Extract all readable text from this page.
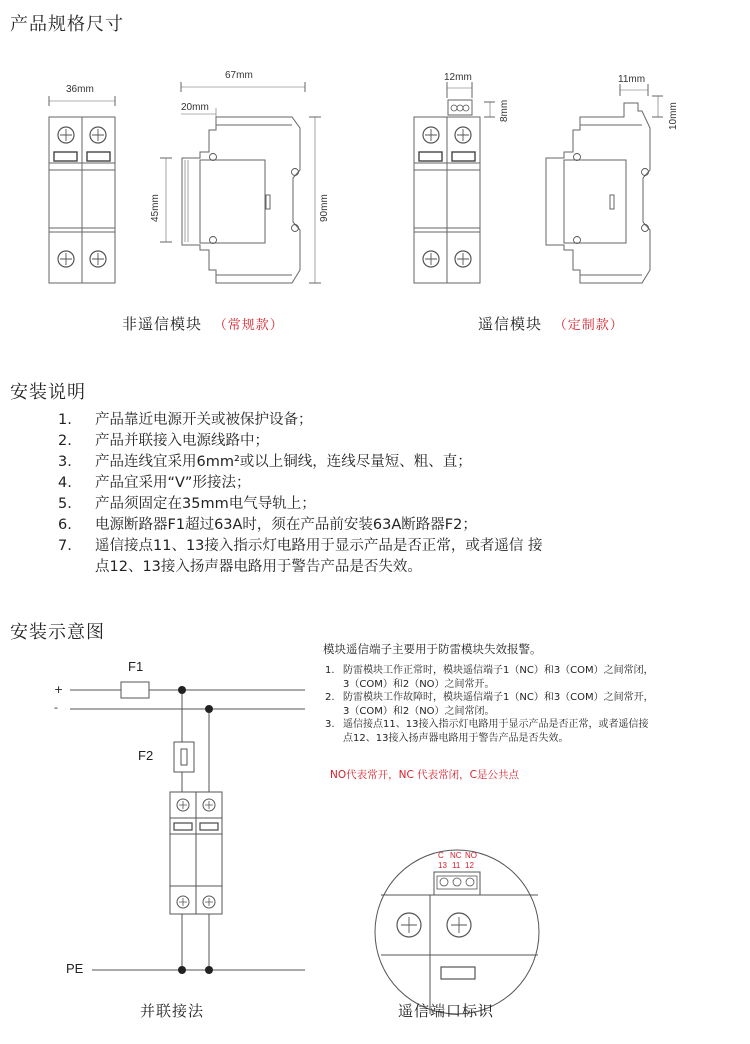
产品规格尺寸
36mm
67mm
20mm
45mm	90mm
12mm
8mm
11mm
10mm
非遥信模块 （常规款）	遥信模块 （定制款）
安装说明
1. 产品靠近电源开关或被保护设备；
2. 产品并联接入电源线路中；
3. 产品连线宜采用6mm²或以上铜线，连线尽量短、粗、直；
4. 产品宜采用“V”形接法；
5. 产品须固定在35mm电气导轨上；
6. 电源断路器F1超过63A时，须在产品前安装63A断路器F2；
7. 遥信接点11、13接入指示灯电路用于显示产品是否正常，或者遥信 接
点12、13接入扬声器电路用于警告产品是否失效。
安装示意图
F1
+
-
F2
PE
并联接法	遥信端口标识
C NC NO
13 11 12
模块遥信端子主要用于防雷模块失效报警。
1. 防雷模块工作正常时，模块遥信端子1（NC）和3（COM）之间常闭，
3（COM）和2（NO）之间常开。
2. 防雷模块工作故障时，模块遥信端子1（NC）和3（COM）之间常开，
3（COM）和2（NO）之间常闭。
3. 遥信接点11、13接入指示灯电路用于显示产品是否正常，或者遥信接
点12、13接入扬声器电路用于警告产品是否失效。
NO代表常开，NC 代表常闭，C是公共点
